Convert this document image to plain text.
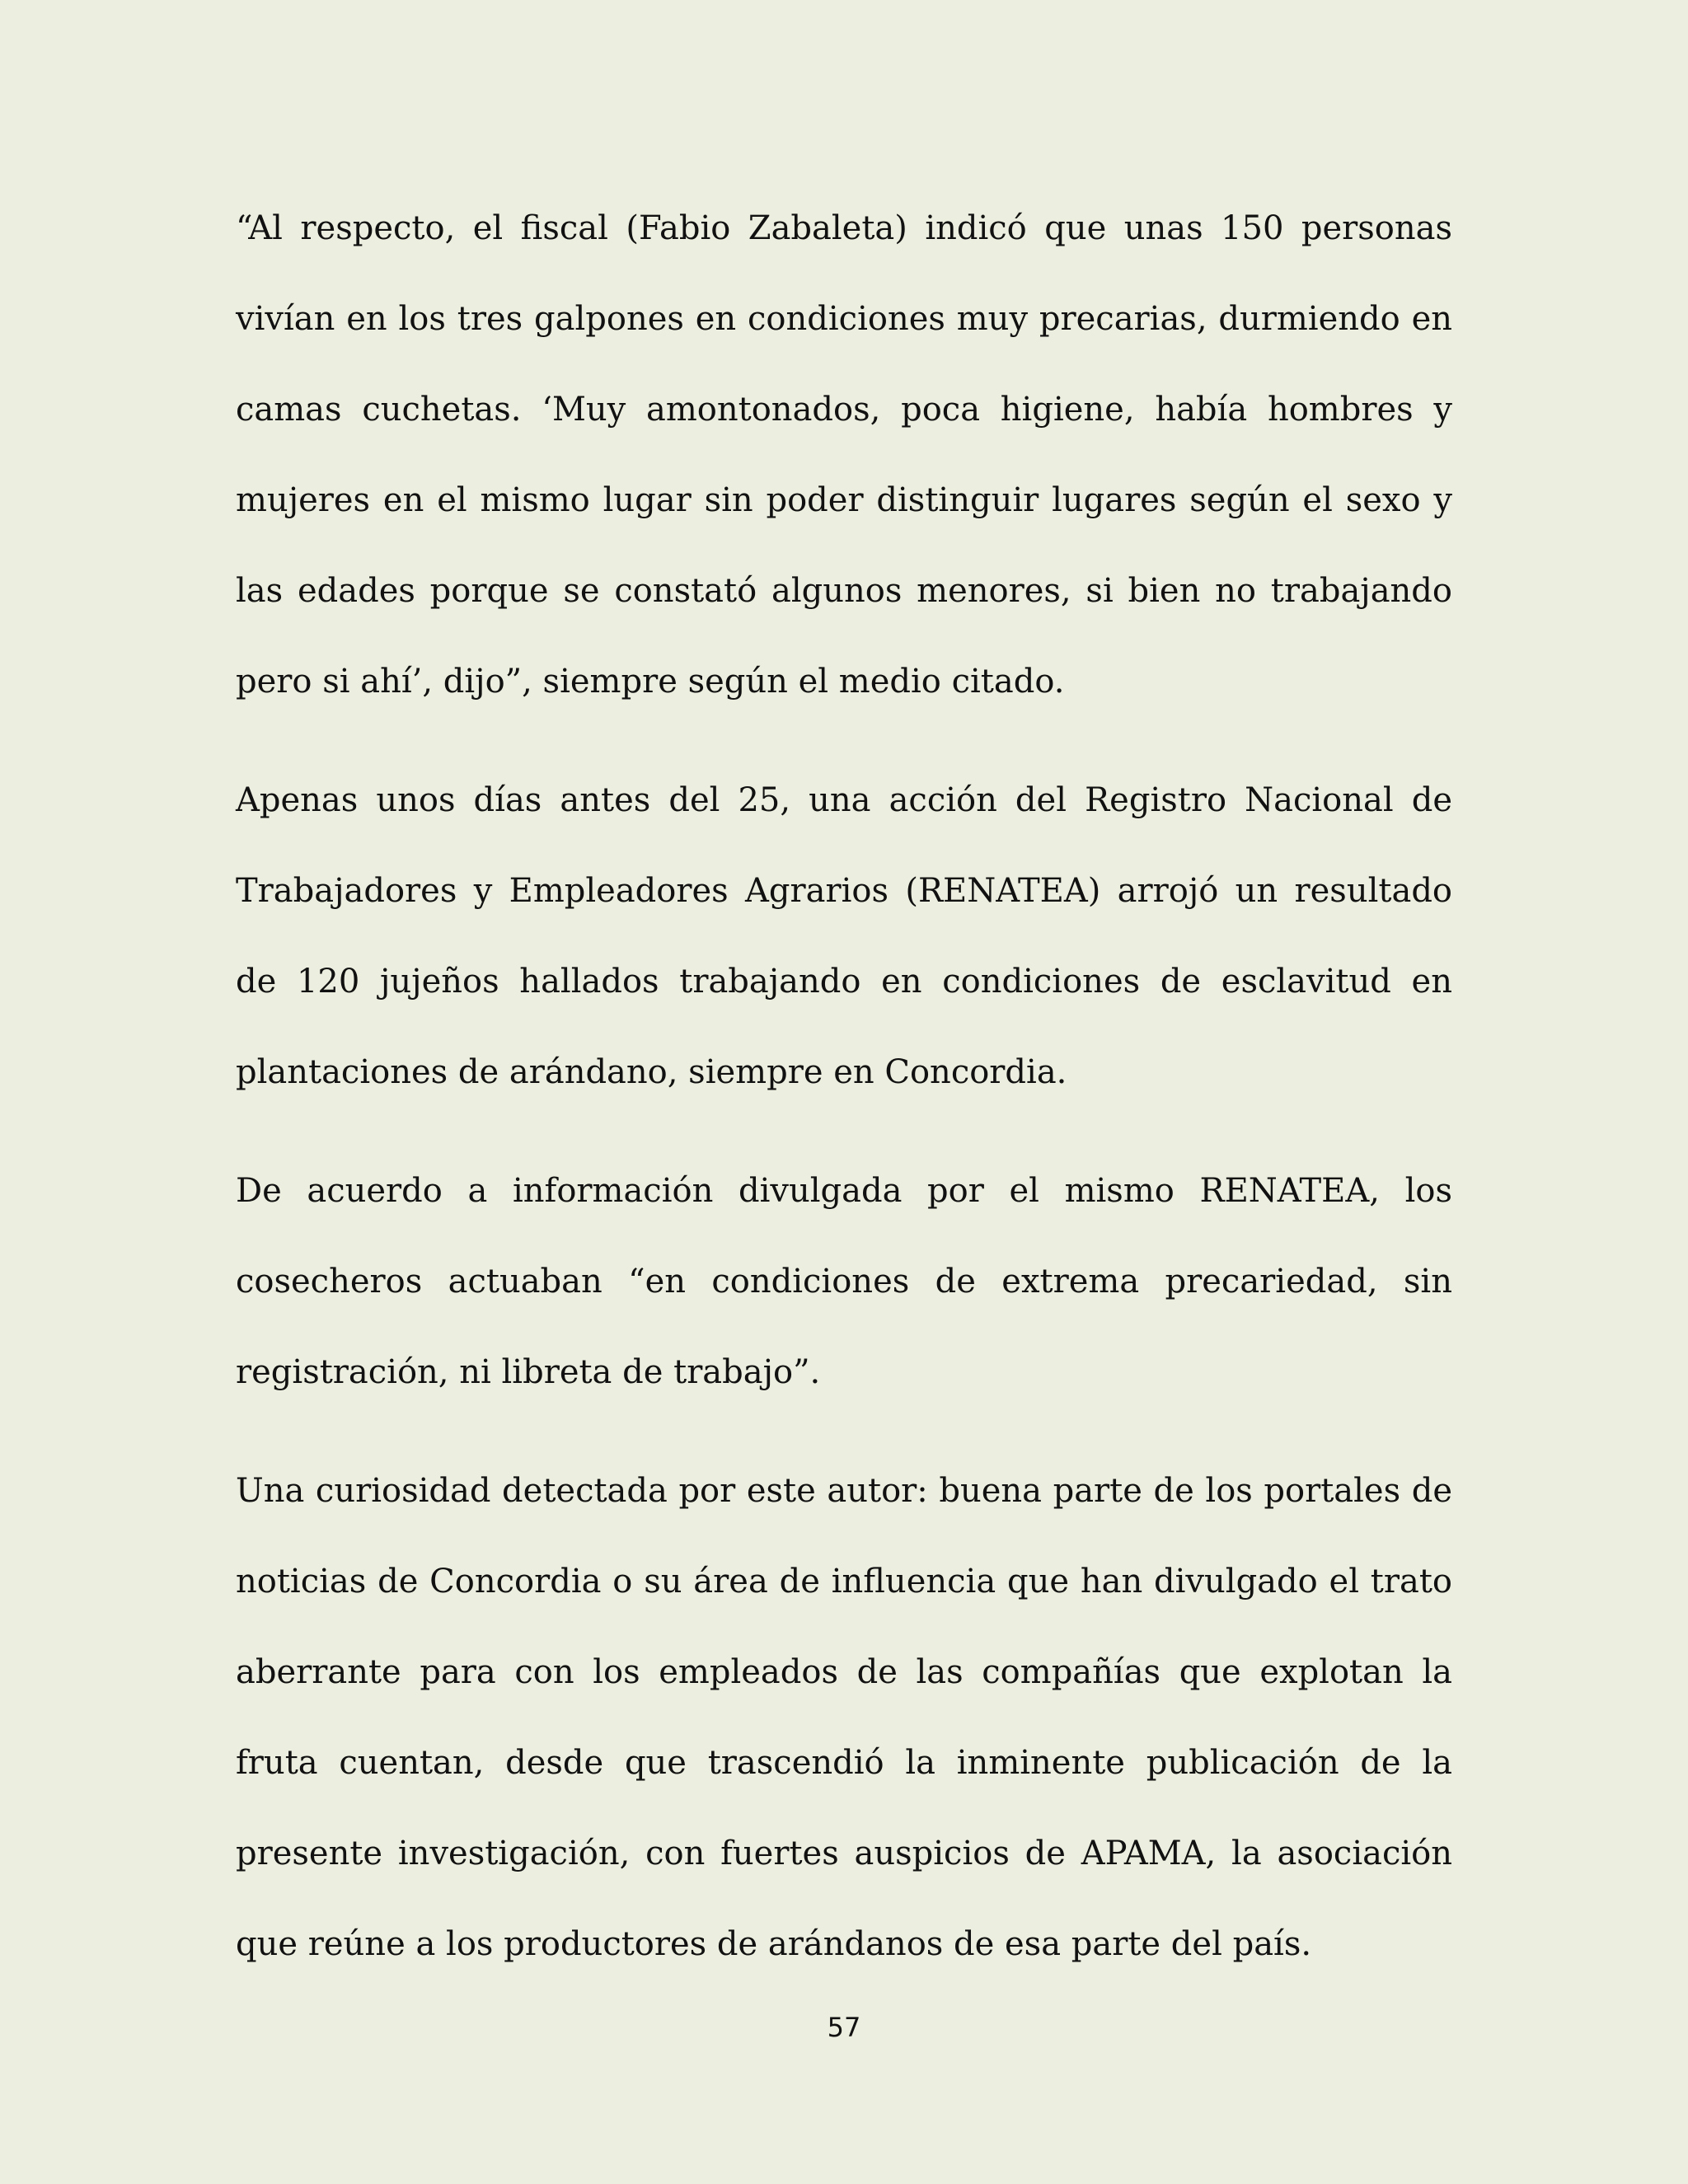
“Al respecto, el fiscal (Fabio Zabaleta) indicó que unas 150 personas vivían en los tres galpones en condiciones muy precarias, durmiendo en camas cuchetas. ‘Muy amontonados, poca higiene, había hombres y mujeres en el mismo lugar sin poder distinguir lugares según el sexo y las edades porque se constató algunos menores, si bien no trabajando pero si ahí’, dijo”, siempre según el medio citado.

Apenas unos días antes del 25, una acción del Registro Nacional de Trabajadores y Empleadores Agrarios (RENATEA) arrojó un resultado de 120 jujeños hallados trabajando en condiciones de esclavitud en plantaciones de arándano, siempre en Concordia.

De acuerdo a información divulgada por el mismo RENATEA, los cosecheros actuaban “en condiciones de extrema precariedad, sin registración, ni libreta de trabajo”.

Una curiosidad detectada por este autor: buena parte de los portales de noticias de Concordia o su área de influencia que han divulgado el trato aberrante para con los empleados de las compañías que explotan la fruta cuentan, desde que trascendió la inminente publicación de la presente investigación, con fuertes auspicios de APAMA, la asociación que reúne a los productores de arándanos de esa parte del país.

57
